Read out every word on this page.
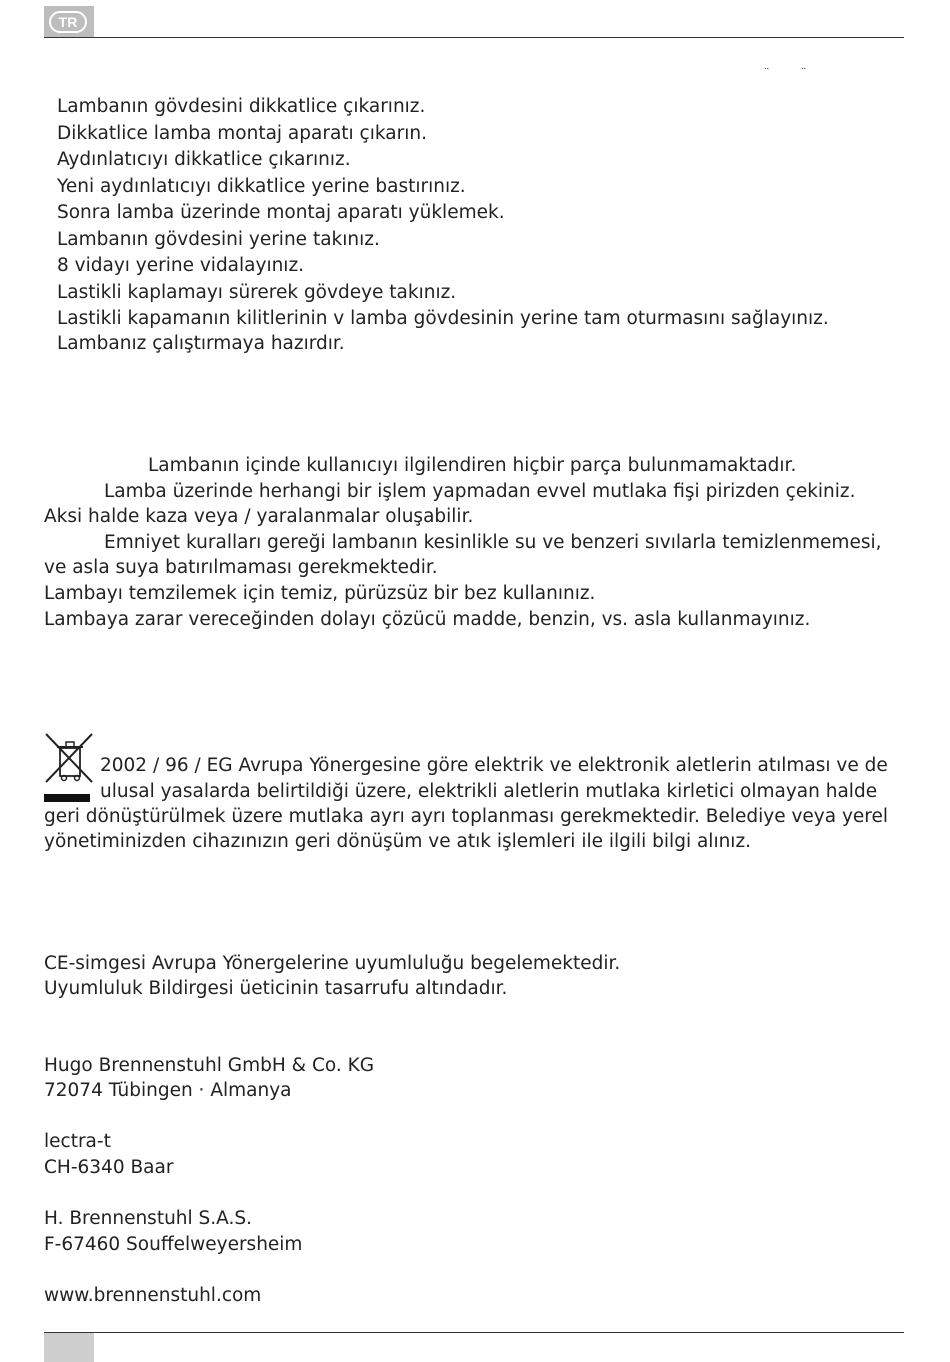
TR
¨ ¨
Lambanın gövdesini dikkatlice çıkarınız.
Dikkatlice lamba montaj aparatı çıkarın.
Aydınlatıcıyı dikkatlice çıkarınız.
Yeni aydınlatıcıyı dikkatlice yerine bastırınız.
Sonra lamba üzerinde montaj aparatı yüklemek.
Lambanın gövdesini yerine takınız.
8 vidayı yerine vidalayınız.
Lastikli kaplamayı sürerek gövdeye takınız.
Lastikli kapamanın kilitlerinin v lamba gövdesinin yerine tam oturmasını sağlayınız.
Lambanız çalıştırmaya hazırdır.
Lambanın içinde kullanıcıyı ilgilendiren hiçbir parça bulunmamaktadır.
Lamba üzerinde herhangi bir işlem yapmadan evvel mutlaka fişi pirizden çekiniz.
Aksi halde kaza veya / yaralanmalar oluşabilir.
Emniyet kuralları gereği lambanın kesinlikle su ve benzeri sıvılarla temizlenmemesi,
ve asla suya batırılmaması gerekmektedir.
Lambayı temzilemek için temiz, pürüzsüz bir bez kullanınız.
Lambaya zarar vereceğinden dolayı çözücü madde, benzin, vs. asla kullanmayınız.
2002 / 96 / EG Avrupa Yönergesine göre elektrik ve elektronik aletlerin atılması ve de
ulusal yasalarda belirtildiği üzere, elektrikli aletlerin mutlaka kirletici olmayan halde
geri dönüştürülmek üzere mutlaka ayrı ayrı toplanması gerekmektedir. Belediye veya yerel
yönetiminizden cihazınızın geri dönüşüm ve atık işlemleri ile ilgili bilgi alınız.
CE-simgesi Avrupa Yönergelerine uyumluluğu begelemektedir.
Uyumluluk Bildirgesi üeticinin tasarrufu altındadır.
Hugo Brennenstuhl GmbH & Co. KG
72074 Tübingen · Almanya
lectra-t
CH-6340 Baar
H. Brennenstuhl S.A.S.
F-67460 Souffelweyersheim
www.brennenstuhl.com
